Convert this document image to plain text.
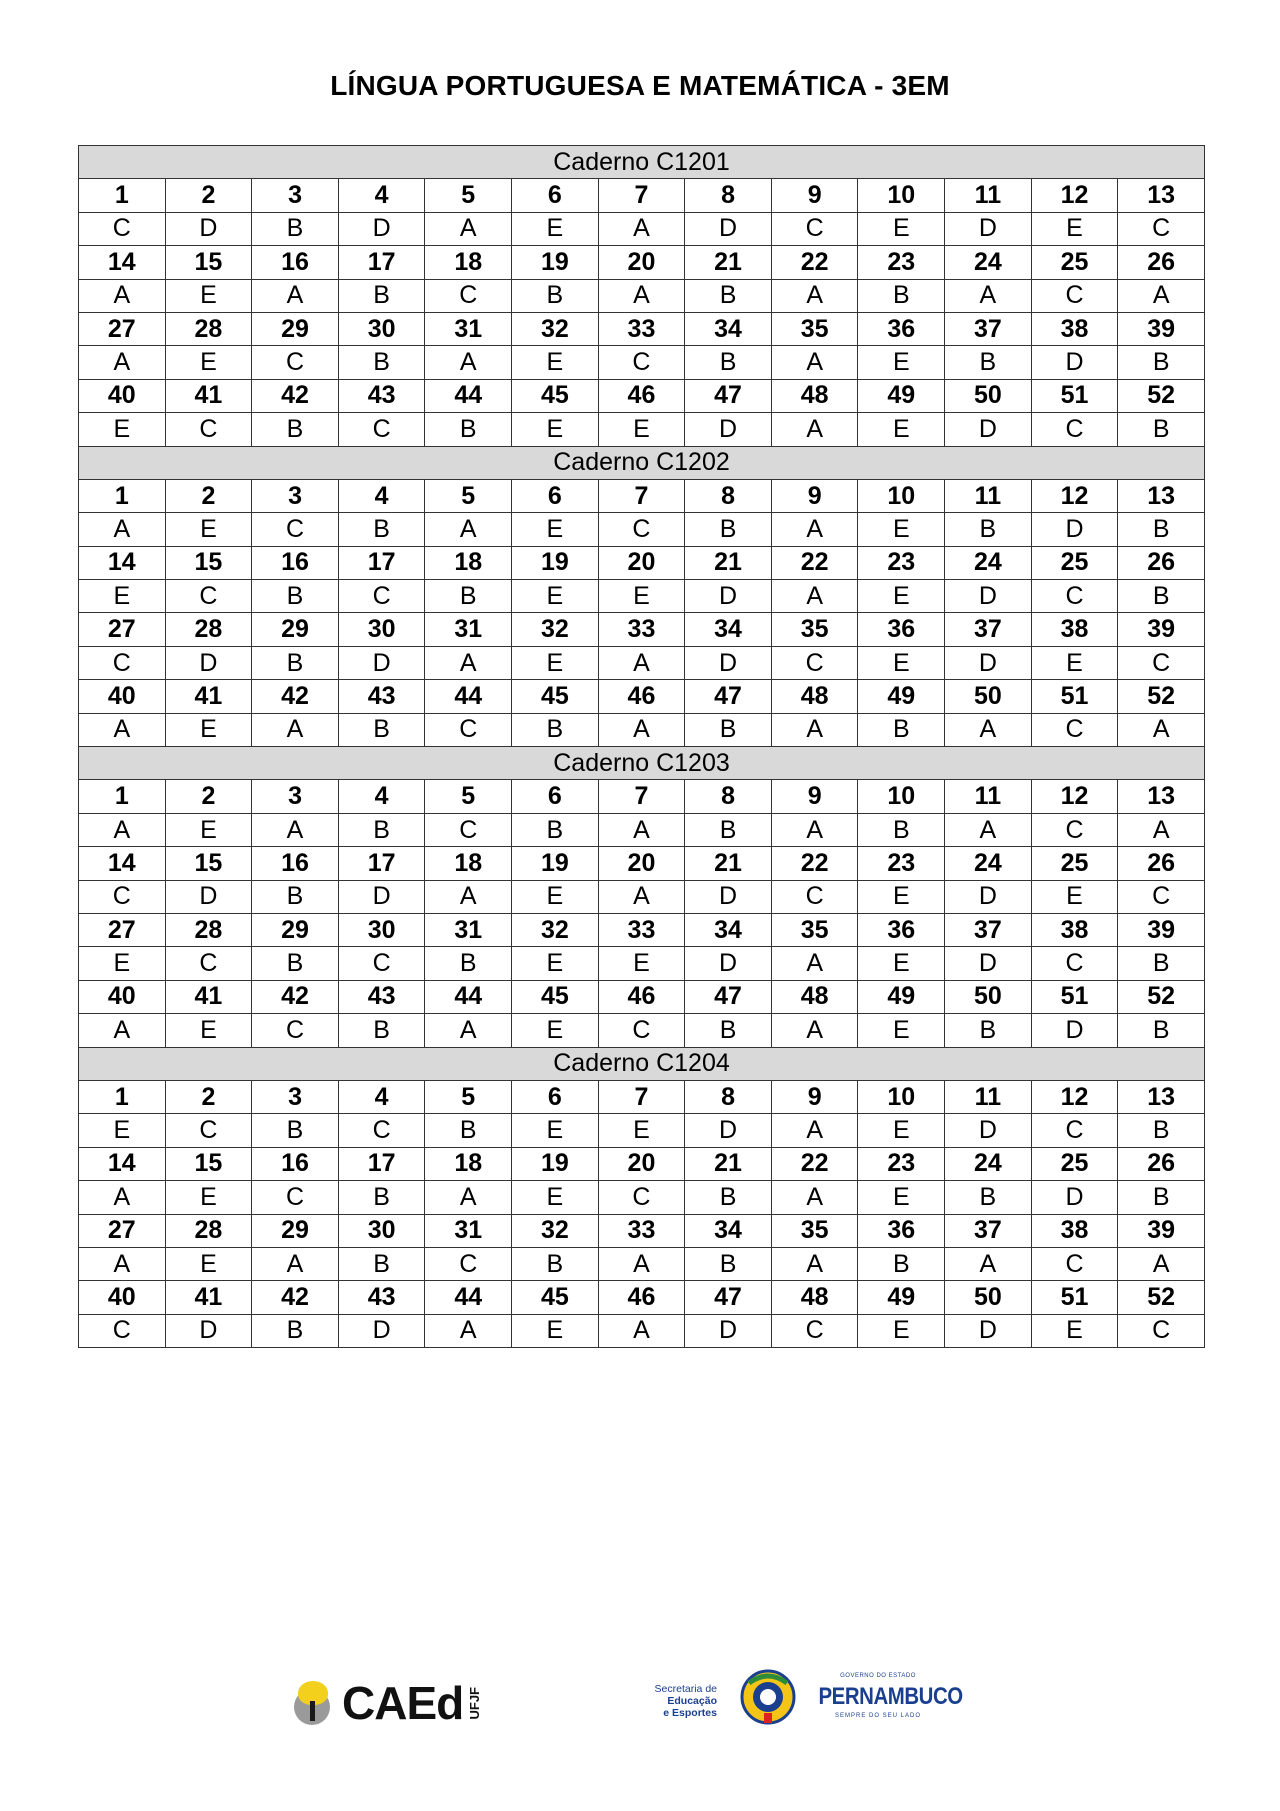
LÍNGUA PORTUGUESA E MATEMÁTICA - 3EM
Caderno C1201												
1	2	3	4	5	6	7	8	9	10	11	12	13
C	D	B	D	A	E	A	D	C	E	D	E	C
14	15	16	17	18	19	20	21	22	23	24	25	26
A	E	A	B	C	B	A	B	A	B	A	C	A
27	28	29	30	31	32	33	34	35	36	37	38	39
A	E	C	B	A	E	C	B	A	E	B	D	B
40	41	42	43	44	45	46	47	48	49	50	51	52
E	C	B	C	B	E	E	D	A	E	D	C	B
Caderno C1202												
1	2	3	4	5	6	7	8	9	10	11	12	13
A	E	C	B	A	E	C	B	A	E	B	D	B
14	15	16	17	18	19	20	21	22	23	24	25	26
E	C	B	C	B	E	E	D	A	E	D	C	B
27	28	29	30	31	32	33	34	35	36	37	38	39
C	D	B	D	A	E	A	D	C	E	D	E	C
40	41	42	43	44	45	46	47	48	49	50	51	52
A	E	A	B	C	B	A	B	A	B	A	C	A
Caderno C1203												
1	2	3	4	5	6	7	8	9	10	11	12	13
A	E	A	B	C	B	A	B	A	B	A	C	A
14	15	16	17	18	19	20	21	22	23	24	25	26
C	D	B	D	A	E	A	D	C	E	D	E	C
27	28	29	30	31	32	33	34	35	36	37	38	39
E	C	B	C	B	E	E	D	A	E	D	C	B
40	41	42	43	44	45	46	47	48	49	50	51	52
A	E	C	B	A	E	C	B	A	E	B	D	B
Caderno C1204												
1	2	3	4	5	6	7	8	9	10	11	12	13
E	C	B	C	B	E	E	D	A	E	D	C	B
14	15	16	17	18	19	20	21	22	23	24	25	26
A	E	C	B	A	E	C	B	A	E	B	D	B
27	28	29	30	31	32	33	34	35	36	37	38	39
A	E	A	B	C	B	A	B	A	B	A	C	A
40	41	42	43	44	45	46	47	48	49	50	51	52
C	D	B	D	A	E	A	D	C	E	D	E	C
CAEd UFJF	Secretaria de
Educação
e Esportes
GOVERNO DO ESTADO
PERNAMBUCO
SEMPRE DO SEU LADO
